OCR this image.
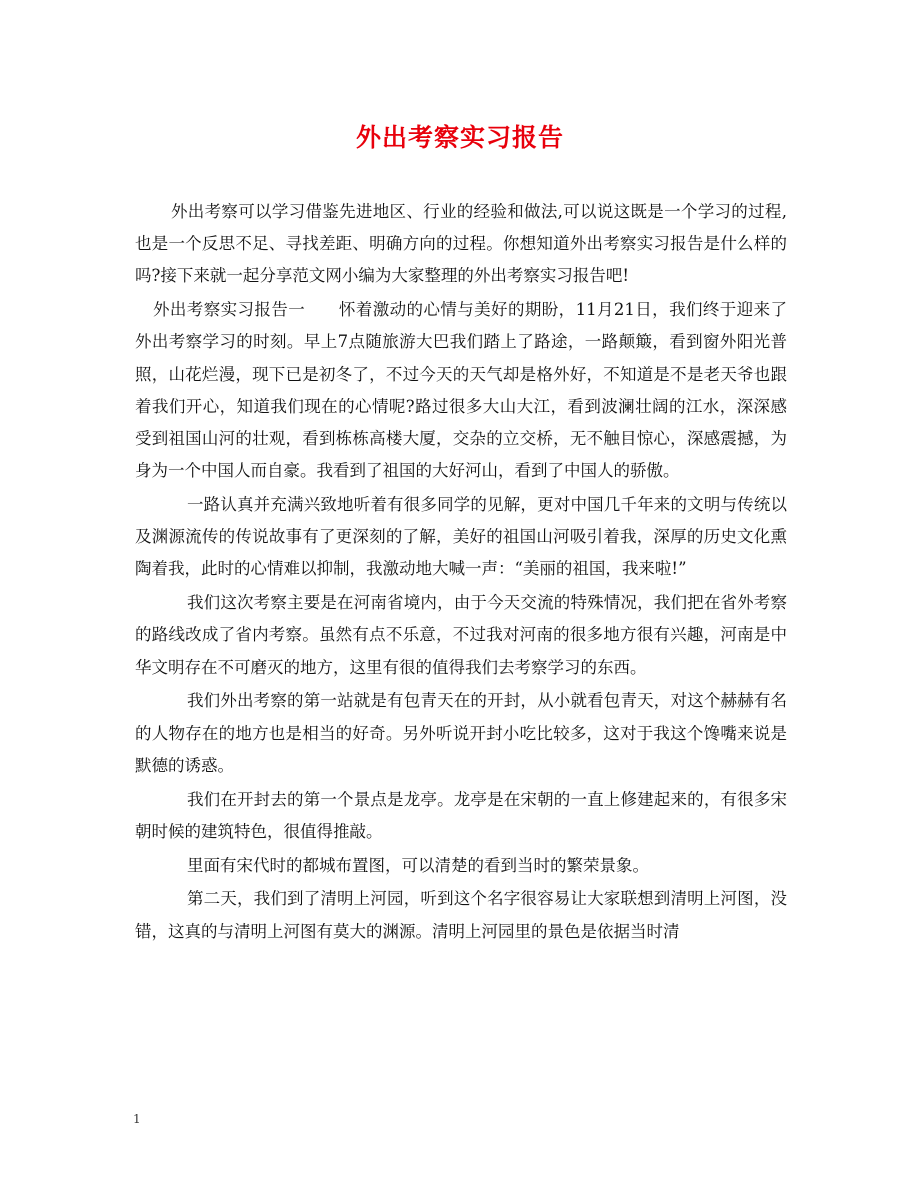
外出考察实习报告

外出考察可以学习借鉴先进地区、行业的经验和做法,可以说这既是一个学习的过程,也是一个反思不足、寻找差距、明确方向的过程。你想知道外出考察实习报告是什么样的吗?接下来就一起分享范文网小编为大家整理的外出考察实习报告吧!

外出考察实习报告一　　怀着激动的心情与美好的期盼，11月21日，我们终于迎来了外出考察学习的时刻。早上7点随旅游大巴我们踏上了路途，一路颠簸，看到窗外阳光普照，山花烂漫，现下已是初冬了，不过今天的天气却是格外好，不知道是不是老天爷也跟着我们开心，知道我们现在的心情呢?路过很多大山大江，看到波澜壮阔的江水，深深感受到祖国山河的壮观，看到栋栋高楼大厦，交杂的立交桥，无不触目惊心，深感震撼，为身为一个中国人而自豪。我看到了祖国的大好河山，看到了中国人的骄傲。

一路认真并充满兴致地听着有很多同学的见解，更对中国几千年来的文明与传统以及渊源流传的传说故事有了更深刻的了解，美好的祖国山河吸引着我，深厚的历史文化熏陶着我，此时的心情难以抑制，我激动地大喊一声：“美丽的祖国，我来啦!”

我们这次考察主要是在河南省境内，由于今天交流的特殊情况，我们把在省外考察的路线改成了省内考察。虽然有点不乐意，不过我对河南的很多地方很有兴趣，河南是中华文明存在不可磨灭的地方，这里有很的值得我们去考察学习的东西。

我们外出考察的第一站就是有包青天在的开封，从小就看包青天，对这个赫赫有名的人物存在的地方也是相当的好奇。另外听说开封小吃比较多，这对于我这个馋嘴来说是默德的诱惑。

我们在开封去的第一个景点是龙亭。龙亭是在宋朝的一直上修建起来的，有很多宋朝时候的建筑特色，很值得推敲。

里面有宋代时的都城布置图，可以清楚的看到当时的繁荣景象。

第二天，我们到了清明上河园，听到这个名字很容易让大家联想到清明上河图，没错，这真的与清明上河图有莫大的渊源。清明上河园里的景色是依据当时清

1
